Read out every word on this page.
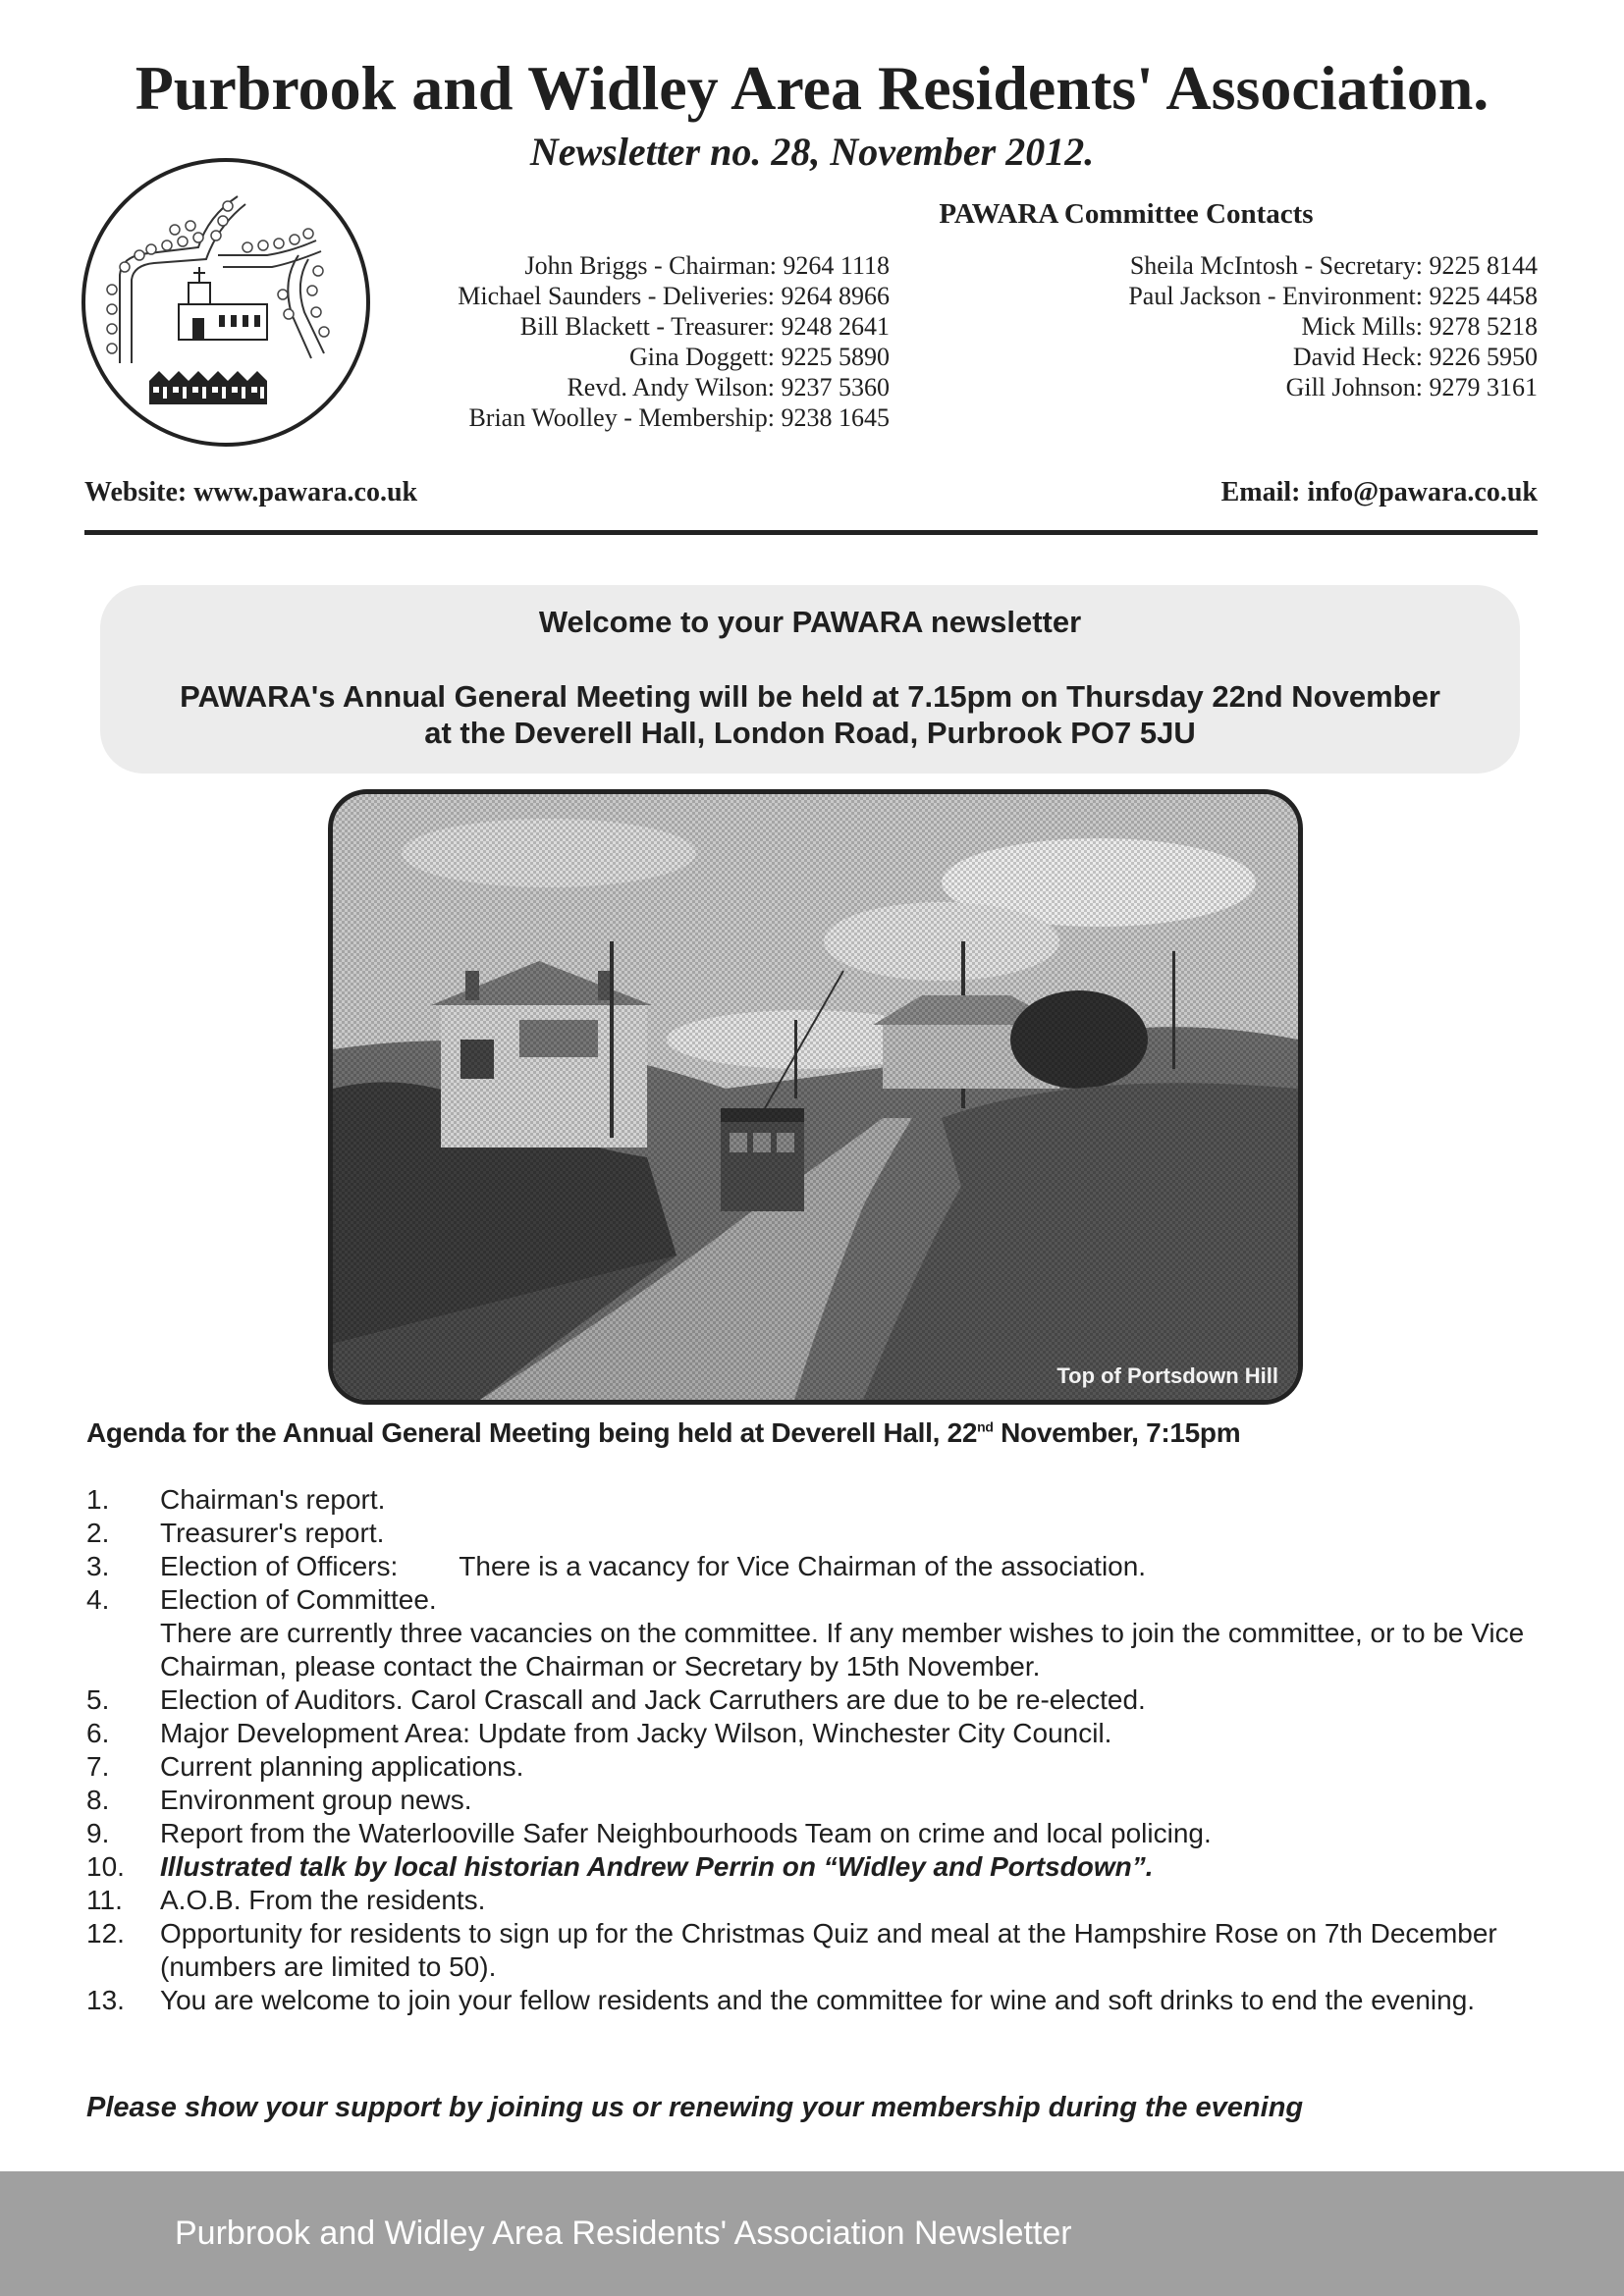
Purbrook and Widley Area Residents' Association.
Newsletter no. 28, November 2012.
PAWARA Committee Contacts
John Briggs - Chairman: 9264 1118
Michael Saunders - Deliveries: 9264 8966
Bill Blackett - Treasurer: 9248 2641
Gina Doggett: 9225 5890
Revd. Andy Wilson: 9237 5360
Brian Woolley - Membership: 9238 1645
Sheila McIntosh - Secretary: 9225 8144
Paul Jackson - Environment: 9225 4458
Mick Mills: 9278 5218
David Heck: 9226 5950
Gill Johnson: 9279 3161
Website: www.pawara.co.uk	Email: info@pawara.co.uk
Welcome to your PAWARA newsletter
PAWARA's Annual General Meeting will be held at 7.15pm on Thursday 22nd November
at the Deverell Hall, London Road, Purbrook PO7 5JU
Top of Portsdown Hill
Agenda for the Annual General Meeting being held at Deverell Hall, 22nd November, 7:15pm
1.	Chairman's report.
2.	Treasurer's report.
3.	Election of Officers: There is a vacancy for Vice Chairman of the association.
4.	Election of Committee.
There are currently three vacancies on the committee. If any member wishes to join the committee, or to be Vice Chairman, please contact the Chairman or Secretary by 15th November.
5.	Election of Auditors. Carol Crascall and Jack Carruthers are due to be re-elected.
6.	Major Development Area: Update from Jacky Wilson, Winchester City Council.
7.	Current planning applications.
8.	Environment group news.
9.	Report from the Waterlooville Safer Neighbourhoods Team on crime and local policing.
10.	Illustrated talk by local historian Andrew Perrin on “Widley and Portsdown”.
11.	A.O.B. From the residents.
12.	Opportunity for residents to sign up for the Christmas Quiz and meal at the Hampshire Rose on 7th December (numbers are limited to 50).
13.	You are welcome to join your fellow residents and the committee for wine and soft drinks to end the evening.
Please show your support by joining us or renewing your membership during the evening
Purbrook and Widley Area Residents' Association Newsletter
